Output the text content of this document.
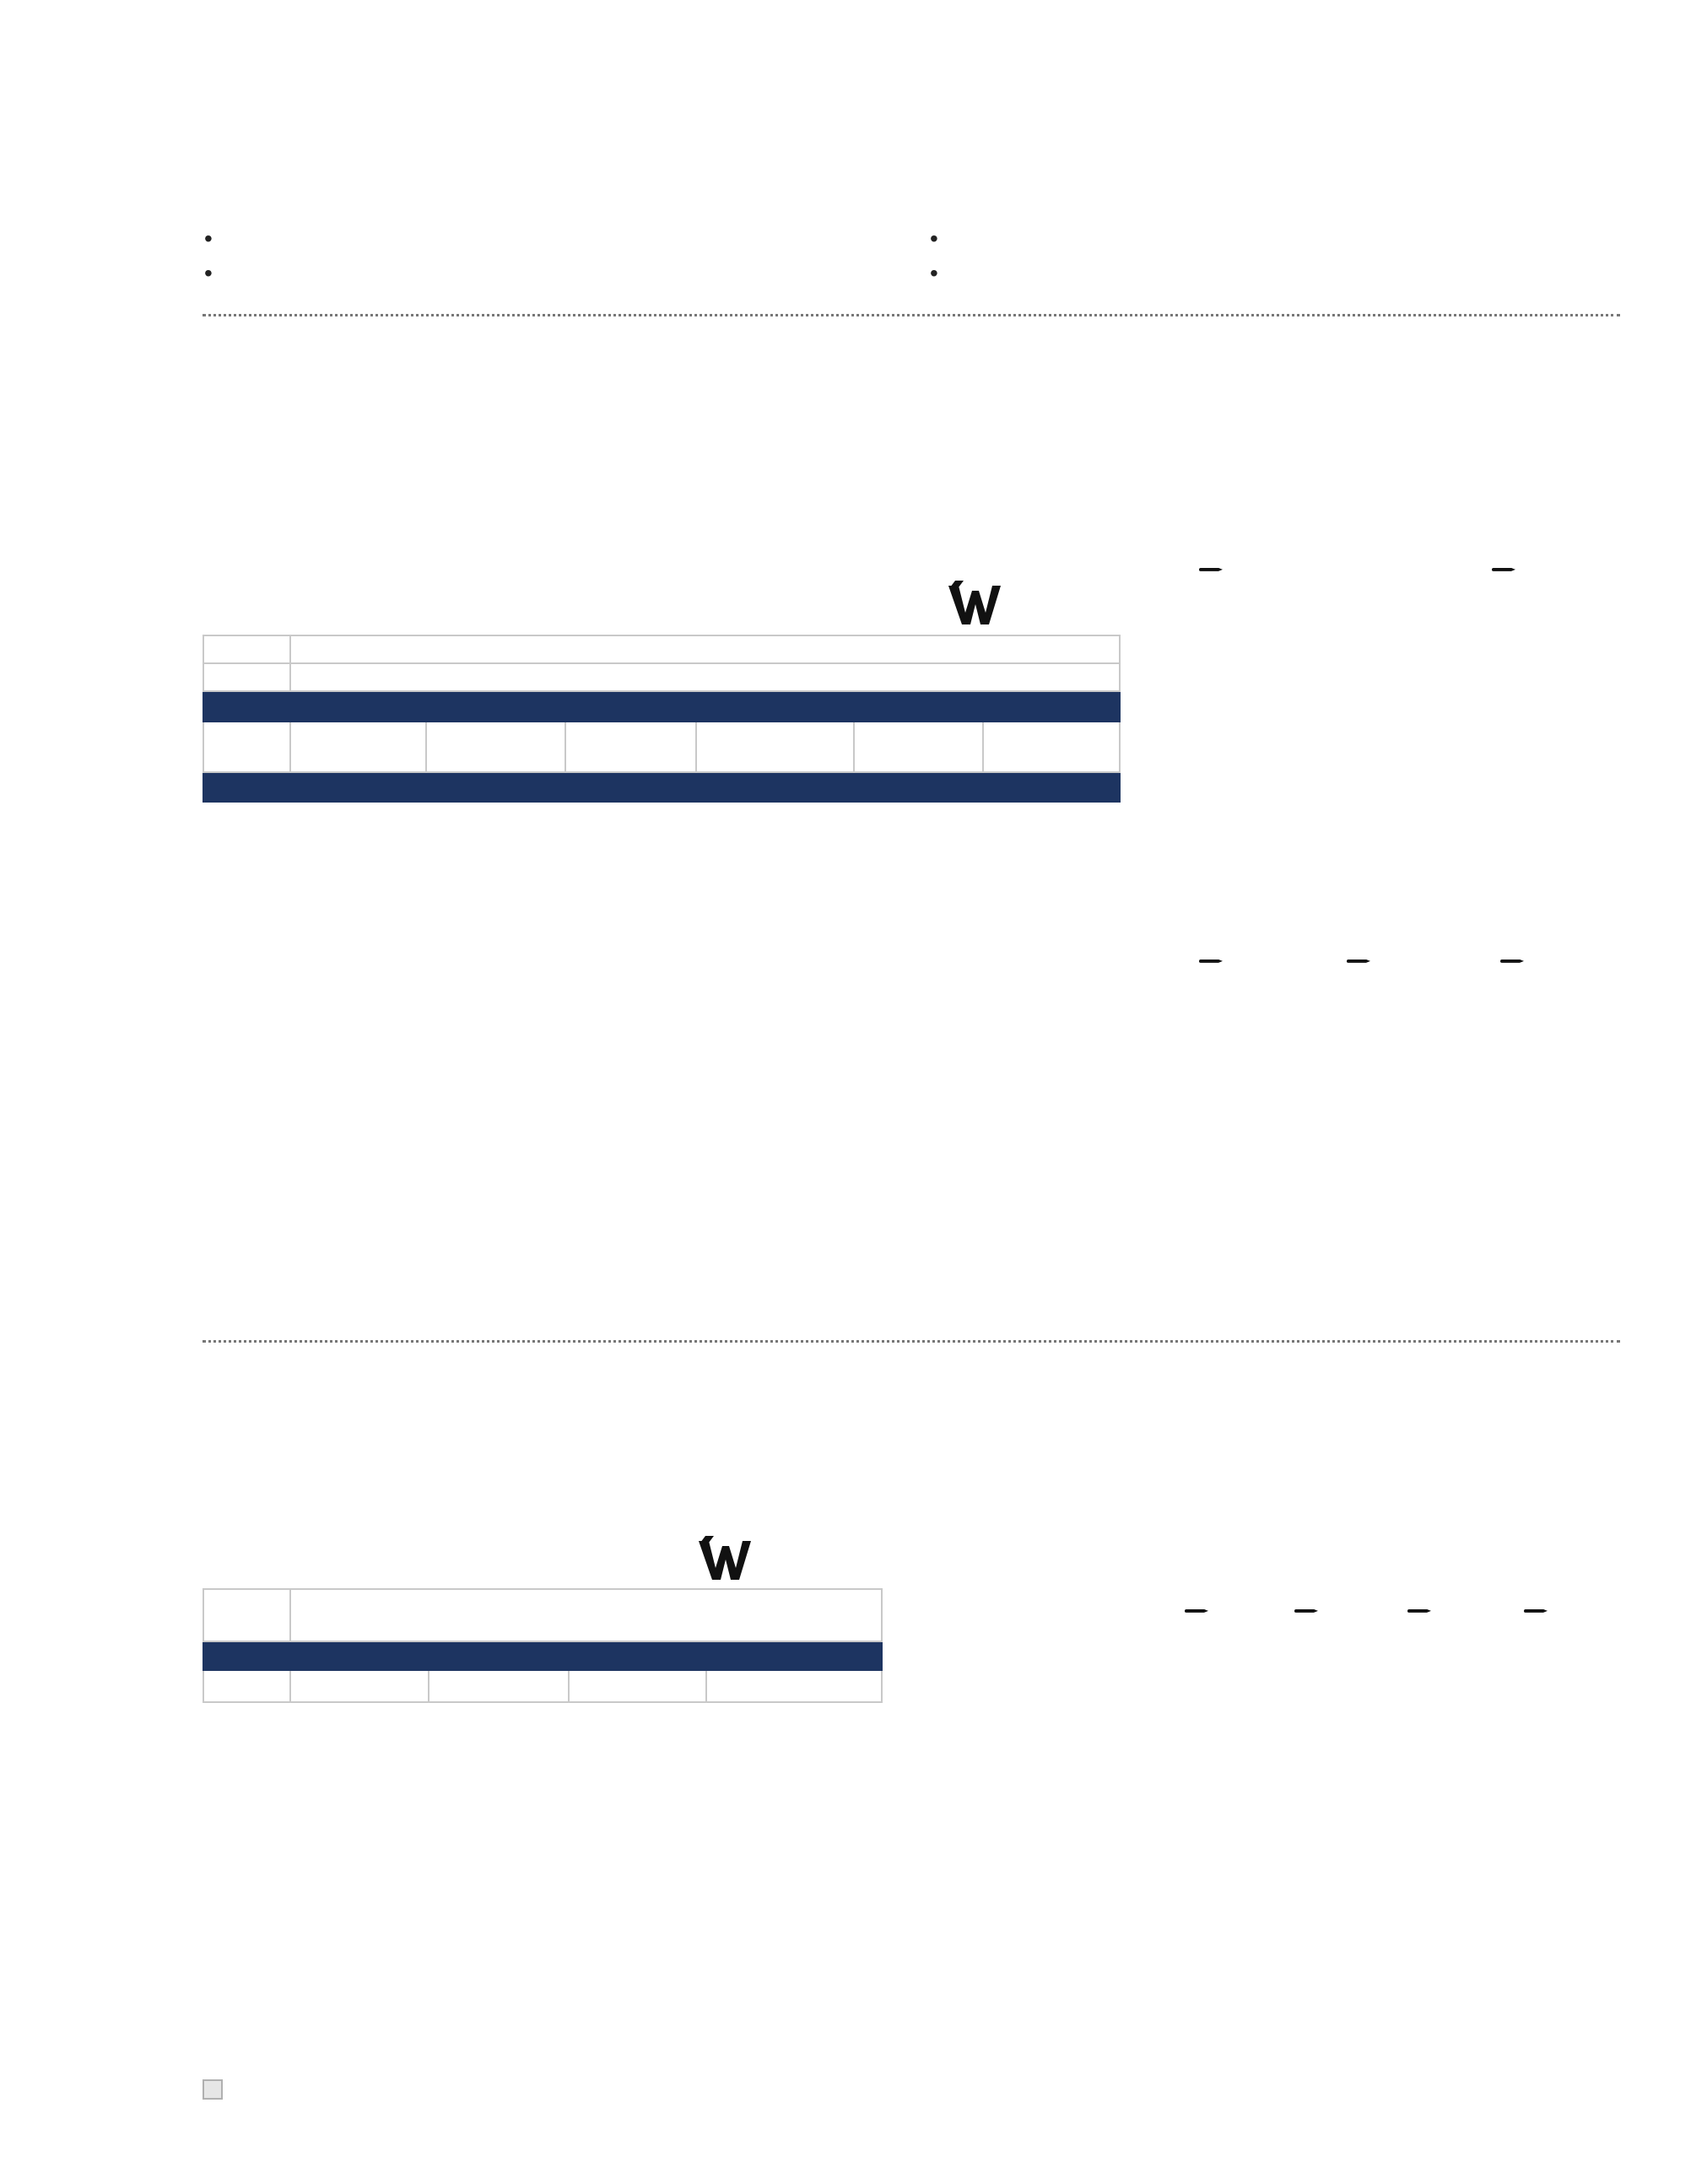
•
•
•
•
